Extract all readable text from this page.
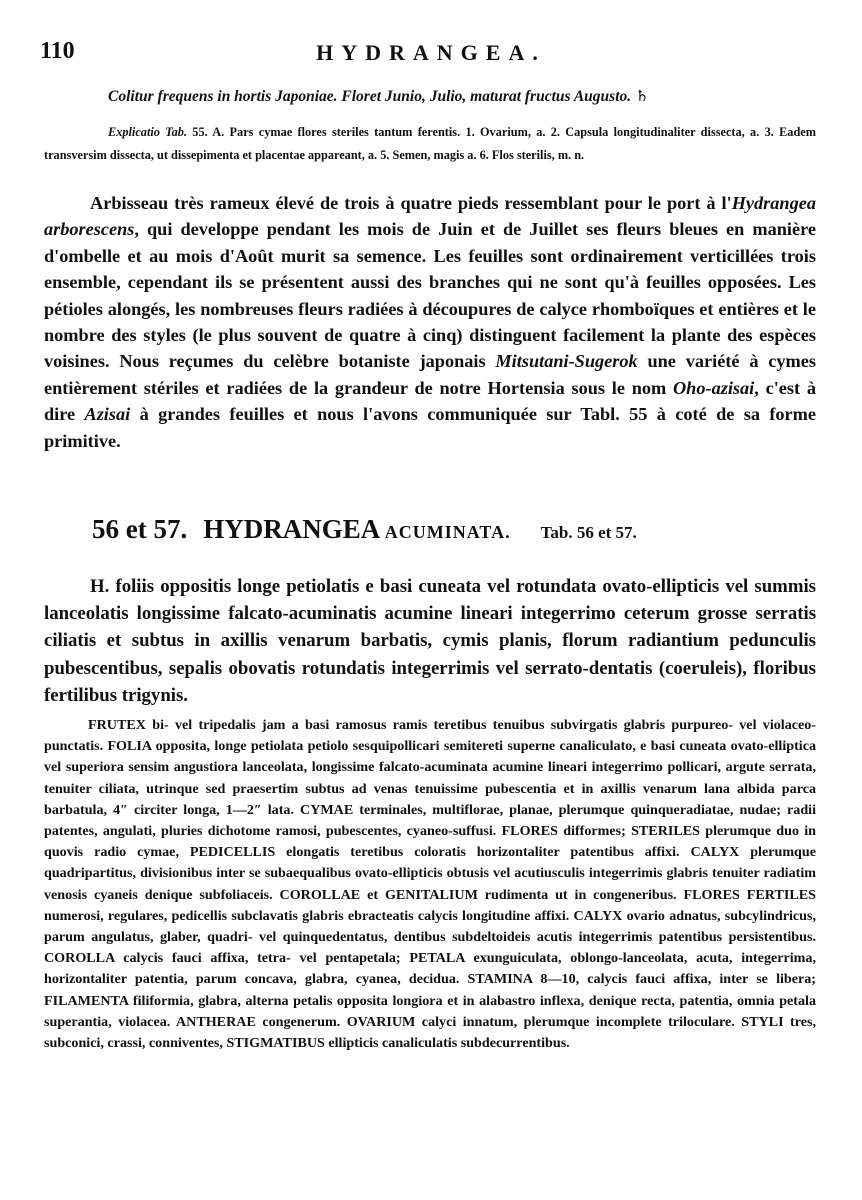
110	HYDRANGEA.
Colitur frequens in hortis Japoniae. Floret Junio, Julio, maturat fructus Augusto. ♄
Explicatio Tab. 55. A. Pars cymae flores steriles tantum ferentis. 1. Ovarium, a. 2. Capsula longitudinaliter dissecta, a. 3. Eadem transversim dissecta, ut dissepimenta et placentae appareant, a. 5. Semen, magis a. 6. Flos sterilis, m. n.
Arbisseau très rameux élevé de trois à quatre pieds ressemblant pour le port à l'Hydrangea arborescens, qui developpe pendant les mois de Juin et de Juillet ses fleurs bleues en manière d'ombelle et au mois d'Août murit sa semence. Les feuilles sont ordinairement verticillées trois ensemble, cependant ils se présentent aussi des branches qui ne sont qu'à feuilles opposées. Les pétioles alongés, les nombreuses fleurs radiées à découpures de calyce rhomboïques et entières et le nombre des styles (le plus souvent de quatre à cinq) distinguent facilement la plante des espèces voisines. Nous reçumes du celèbre botaniste japonais Mitsutani-Sugerok une variété à cymes entièrement stériles et radiées de la grandeur de notre Hortensia sous le nom Oho-azisai, c'est à dire Azisai à grandes feuilles et nous l'avons communiquée sur Tabl. 55 à coté de sa forme primitive.
56 et 57. HYDRANGEA ACUMINATA. Tab. 56 et 57.
H. foliis oppositis longe petiolatis e basi cuneata vel rotundata ovato-ellipticis vel summis lanceolatis longissime falcato-acuminatis acumine lineari integerrimo ceterum grosse serratis ciliatis et subtus in axillis venarum barbatis, cymis planis, florum radiantium pedunculis pubescentibus, sepalis obovatis rotundatis integerrimis vel serrato-dentatis (coeruleis), floribus fertilibus trigynis.
FRUTEX bi- vel tripedalis jam a basi ramosus ramis teretibus tenuibus subvirgatis glabris purpureo- vel violaceo-punctatis. FOLIA opposita, longe petiolata petiolo sesquipollicari semitereti superne canaliculato, e basi cuneata ovato-elliptica vel superiora sensim angustiora lanceolata, longissime falcato-acuminata acumine lineari integerrimo pollicari, argute serrata, tenuiter ciliata, utrinque sed praesertim subtus ad venas tenuissime pubescentia et in axillis venarum lana albida parca barbatula, 4″ circiter longa, 1—2″ lata. CYMAE terminales, multiflorae, planae, plerumque quinqueradiatae, nudae; radii patentes, angulati, pluries dichotome ramosi, pubescentes, cyaneo-suffusi. FLORES difformes; STERILES plerumque duo in quovis radio cymae, PEDICELLIS elongatis teretibus coloratis horizontaliter patentibus affixi. CALYX plerumque quadripartitus, divisionibus inter se subaequalibus ovato-ellipticis obtusis vel acutiusculis integerrimis glabris tenuiter radiatim venosis cyaneis denique subfoliaceis. COROLLAE et GENITALIUM rudimenta ut in congeneribus. FLORES FERTILES numerosi, regulares, pedicellis subclavatis glabris ebracteatis calycis longitudine affixi. CALYX ovario adnatus, subcylindricus, parum angulatus, glaber, quadri- vel quinquedentatus, dentibus subdeltoideis acutis integerrimis patentibus persistentibus. COROLLA calycis fauci affixa, tetra- vel pentapetala; PETALA exunguiculata, oblongo-lanceolata, acuta, integerrima, horizontaliter patentia, parum concava, glabra, cyanea, decidua. STAMINA 8—10, calycis fauci affixa, inter se libera; FILAMENTA filiformia, glabra, alterna petalis opposita longiora et in alabastro inflexa, denique recta, patentia, omnia petala superantia, violacea. ANTHERAE congenerum. OVARIUM calyci innatum, plerumque incomplete triloculare. STYLI tres, subconici, crassi, conniventes, STIGMATIBUS ellipticis canaliculatis subdecurrentibus.
